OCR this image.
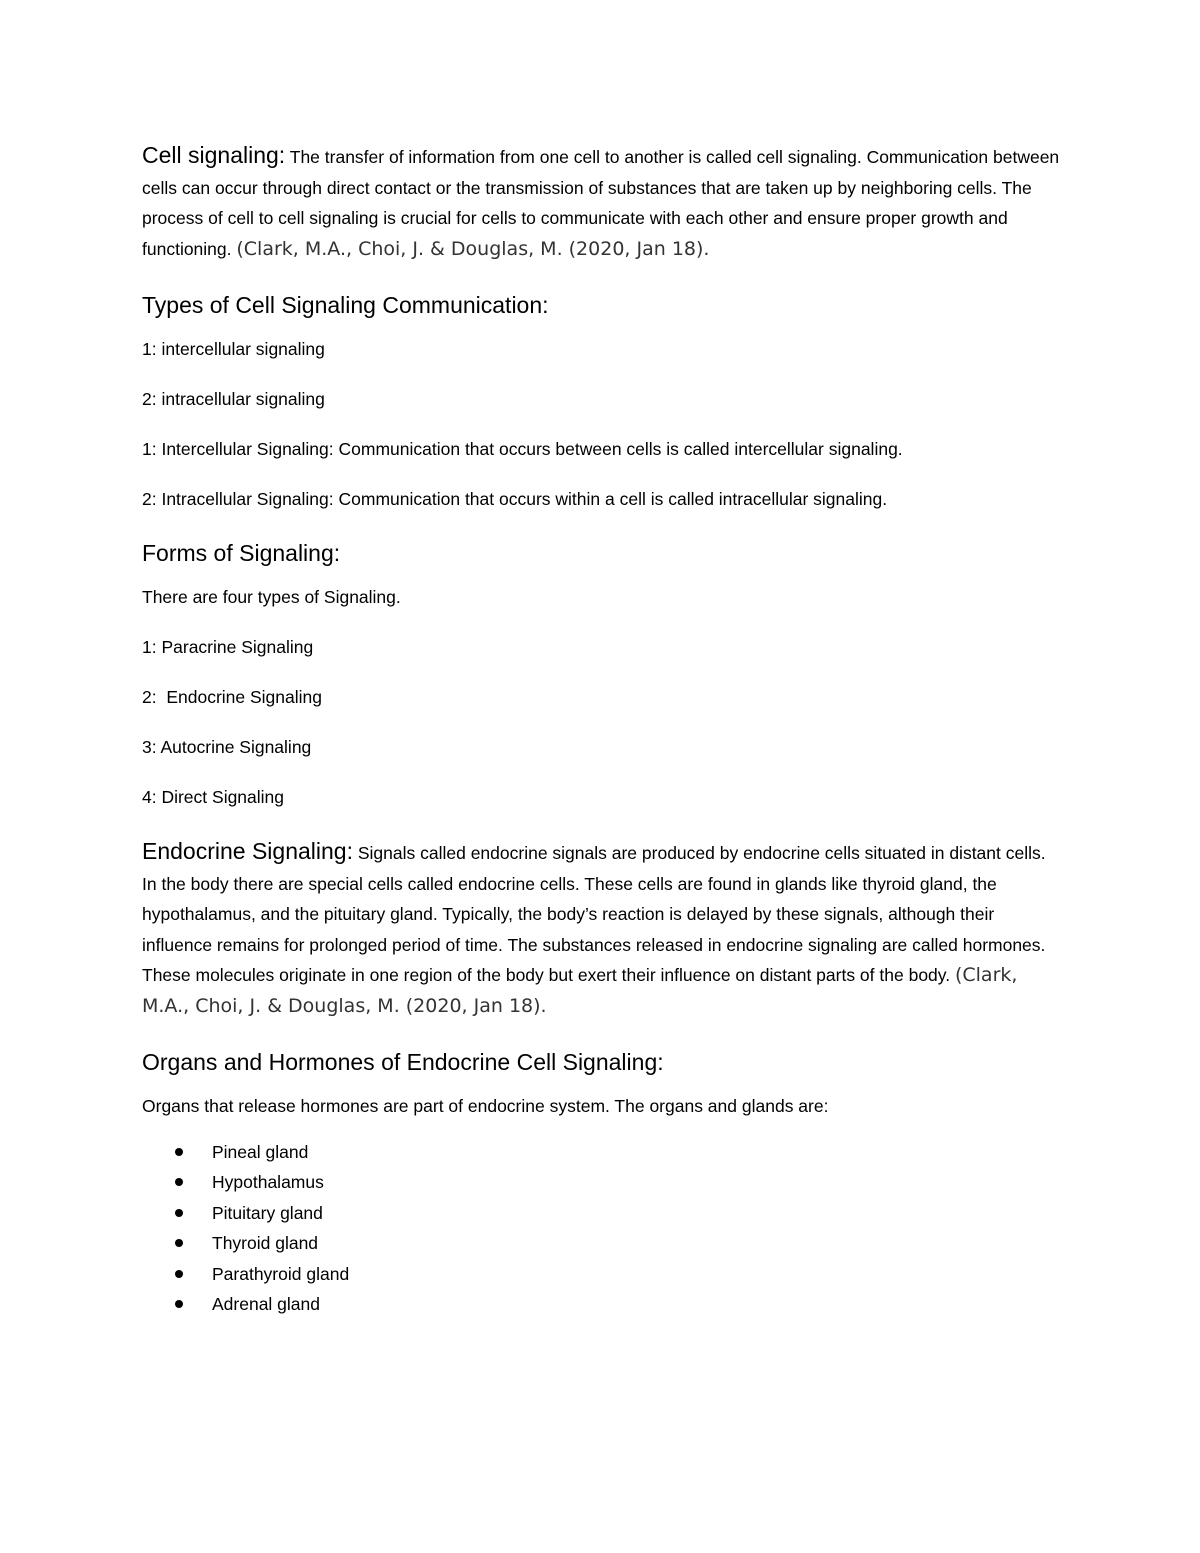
Cell signaling: The transfer of information from one cell to another is called cell signaling. Communication between cells can occur through direct contact or the transmission of substances that are taken up by neighboring cells. The process of cell to cell signaling is crucial for cells to communicate with each other and ensure proper growth and functioning. (Clark, M.A., Choi, J. & Douglas, M. (2020, Jan 18).

Types of Cell Signaling Communication:

1: intercellular signaling

2: intracellular signaling

1: Intercellular Signaling: Communication that occurs between cells is called intercellular signaling.

2: Intracellular Signaling: Communication that occurs within a cell is called intracellular signaling.

Forms of Signaling:

There are four types of Signaling.

1: Paracrine Signaling

2:  Endocrine Signaling

3: Autocrine Signaling

4: Direct Signaling

Endocrine Signaling: Signals called endocrine signals are produced by endocrine cells situated in distant cells. In the body there are special cells called endocrine cells. These cells are found in glands like thyroid gland, the hypothalamus, and the pituitary gland. Typically, the body’s reaction is delayed by these signals, although their influence remains for prolonged period of time. The substances released in endocrine signaling are called hormones. These molecules originate in one region of the body but exert their influence on distant parts of the body. (Clark, M.A., Choi, J. & Douglas, M. (2020, Jan 18).

Organs and Hormones of Endocrine Cell Signaling:

Organs that release hormones are part of endocrine system. The organs and glands are:

Pineal gland
Hypothalamus
Pituitary gland
Thyroid gland
Parathyroid gland
Adrenal gland
